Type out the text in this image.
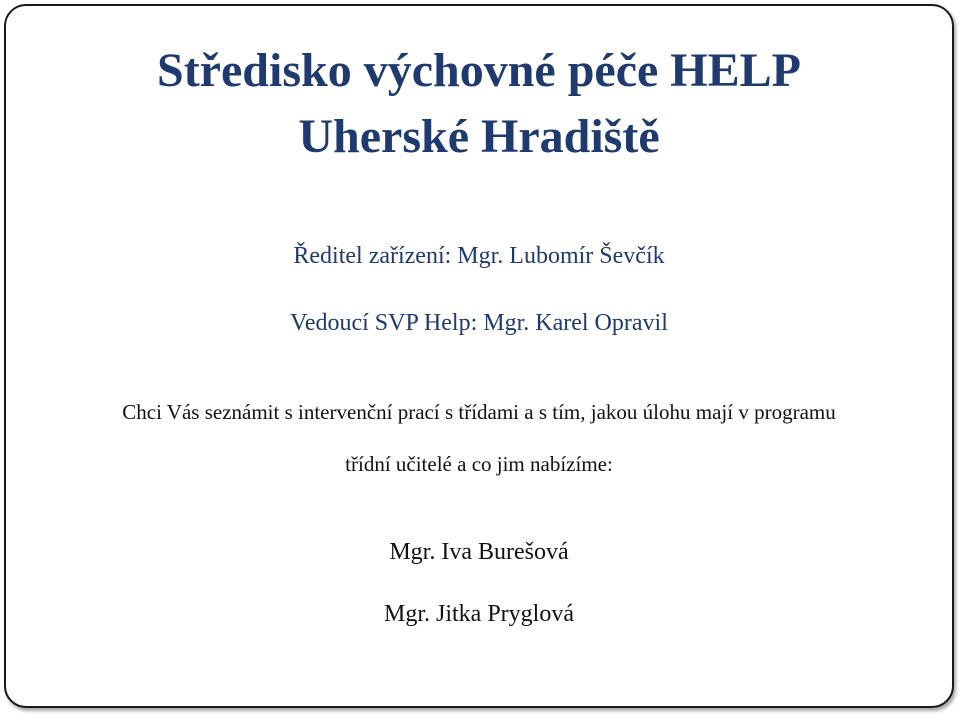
Středisko výchovné péče HELP
Uherské Hradiště

Ředitel zařízení: Mgr. Lubomír Ševčík

Vedoucí SVP Help: Mgr. Karel Opravil

Chci Vás seznámit s intervenční prací s třídami a s tím, jakou úlohu mají v programu

třídní učitelé a co jim nabízíme:

Mgr. Iva Burešová

Mgr. Jitka Pryglová
